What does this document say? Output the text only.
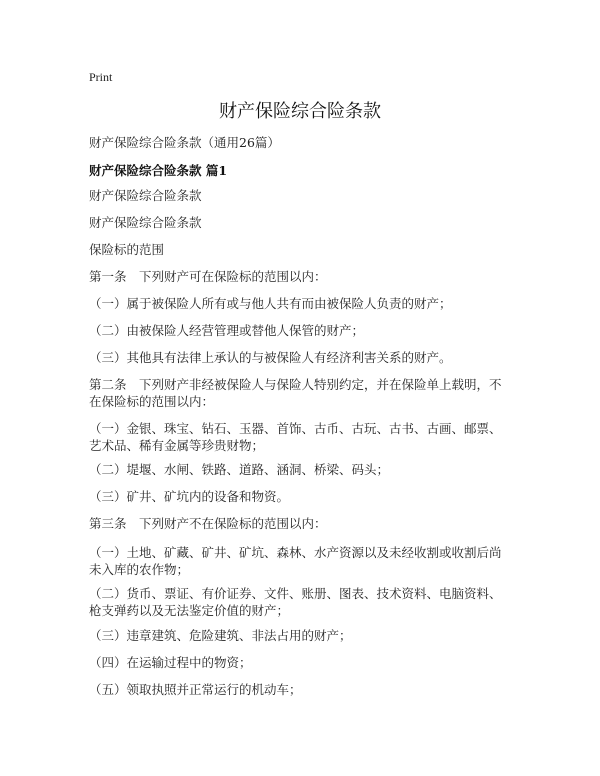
Print
财产保险综合险条款
财产保险综合险条款（通用26篇）
财产保险综合险条款 篇1
财产保险综合险条款
财产保险综合险条款
保险标的范围
第一条　下列财产可在保险标的范围以内：
（一）属于被保险人所有或与他人共有而由被保险人负责的财产；
（二）由被保险人经营管理或替他人保管的财产；
（三）其他具有法律上承认的与被保险人有经济利害关系的财产。
第二条　下列财产非经被保险人与保险人特别约定，并在保险单上载明，不在保险标的范围以内：
（一）金银、珠宝、钻石、玉器、首饰、古币、古玩、古书、古画、邮票、艺术品、稀有金属等珍贵财物；
（二）堤堰、水闸、铁路、道路、涵洞、桥梁、码头；
（三）矿井、矿坑内的设备和物资。
第三条　下列财产不在保险标的范围以内：
（一）土地、矿藏、矿井、矿坑、森林、水产资源以及未经收割或收割后尚未入库的农作物；
（二）货币、票证、有价证券、文件、账册、图表、技术资料、电脑资料、枪支弹药以及无法鉴定价值的财产；
（三）违章建筑、危险建筑、非法占用的财产；
（四）在运输过程中的物资；
（五）领取执照并正常运行的机动车；
